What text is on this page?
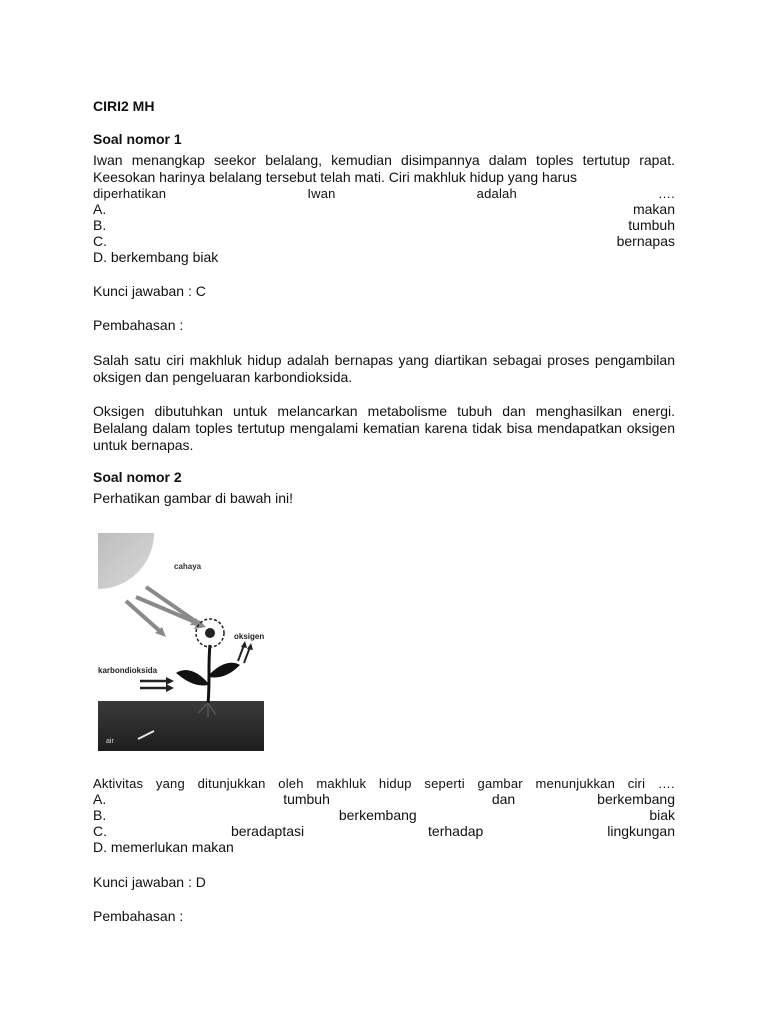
CIRI2 MH
Soal nomor 1

Iwan menangkap seekor belalang, kemudian disimpannya dalam toples tertutup rapat. Keesokan harinya belalang tersebut telah mati. Ciri makhluk hidup yang harus

diperhatikan	Iwan	adalah	….
A.	makan
B.	tumbuh
C.	bernapas
D. berkembang biak
Kunci jawaban : C
Pembahasan :

Salah satu ciri makhluk hidup adalah bernapas yang diartikan sebagai proses pengambilan oksigen dan pengeluaran karbondioksida.

Oksigen dibutuhkan untuk melancarkan metabolisme tubuh dan menghasilkan energi. Belalang dalam toples tertutup mengalami kematian karena tidak bisa mendapatkan oksigen untuk bernapas.

Soal nomor 2
Perhatikan gambar di bawah ini!
cahaya
air
oksigen
karbondioksida
Aktivitas yang ditunjukkan oleh makhluk hidup seperti gambar menunjukkan ciri ….
A.	tumbuh	dan	berkembang
B.	berkembang	biak
C.	beradaptasi	terhadap	lingkungan
D. memerlukan makan
Kunci jawaban : D
Pembahasan :
